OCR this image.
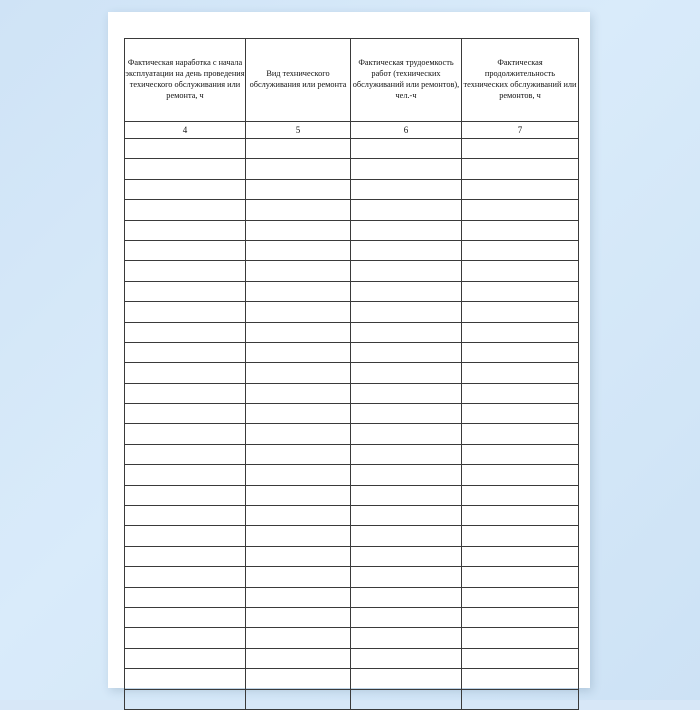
Фактическая наработка с начала эксплуатации на день проведения техического обслуживания или ремонта, ч	Вид технического обслуживания или ремонта	Фактическая трудоемкость работ (технических обслуживаний или ремонтов), чел.-ч	Фактическая продолжительность технических обслуживаний или ремонтов, ч

4	5	6	7
